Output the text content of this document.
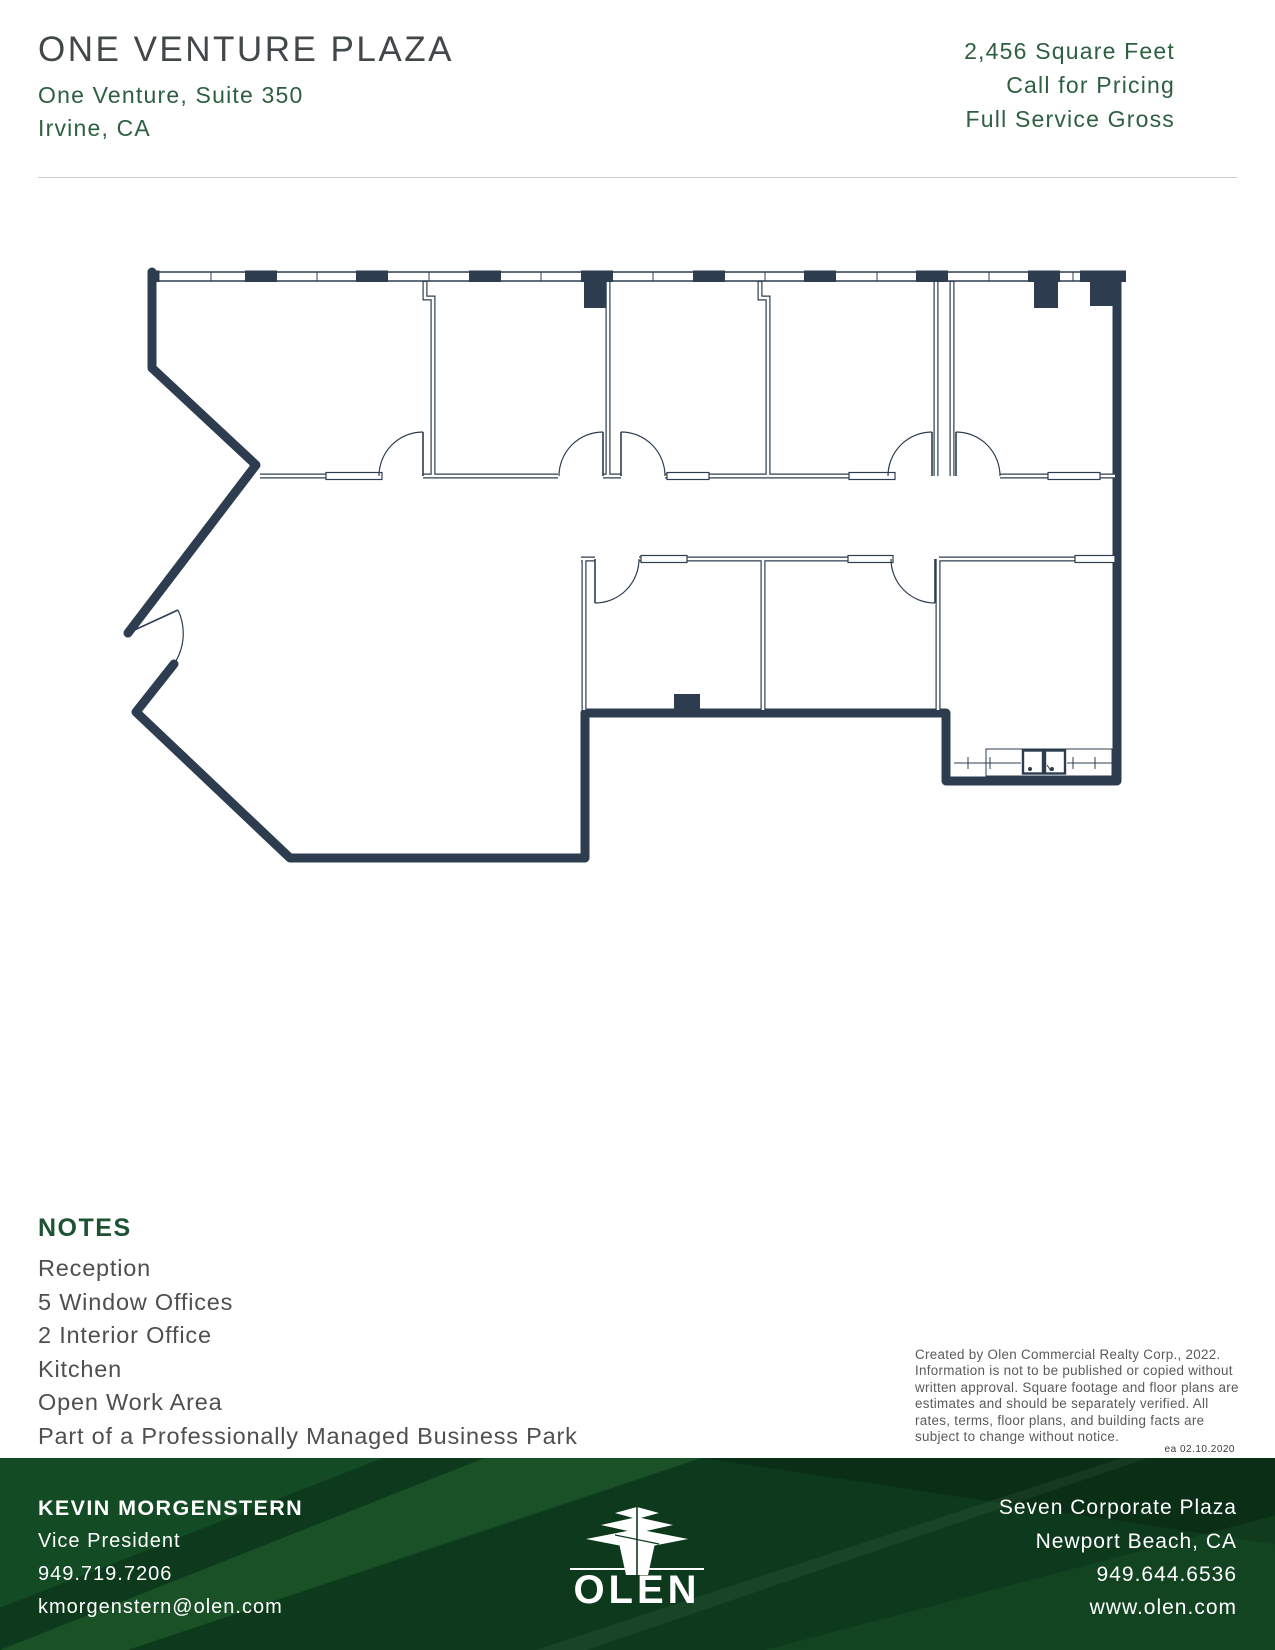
ONE VENTURE PLAZA
One Venture, Suite 350
Irvine, CA
2,456 Square Feet
Call for Pricing
Full Service Gross
NOTES
Reception
5 Window Offices
2 Interior Office
Kitchen
Open Work Area
Part of a Professionally Managed Business Park
Created by Olen Commercial Realty Corp., 2022. Information is not to be published or copied without written approval. Square footage and floor plans are estimates and should be separately verified. All rates, terms, floor plans, and building facts are subject to change without notice.
ea 02.10.2020
KEVIN MORGENSTERN
Vice President
949.719.7206
kmorgenstern@olen.com
Seven Corporate Plaza
Newport Beach, CA
949.644.6536
www.olen.com
OLEN
